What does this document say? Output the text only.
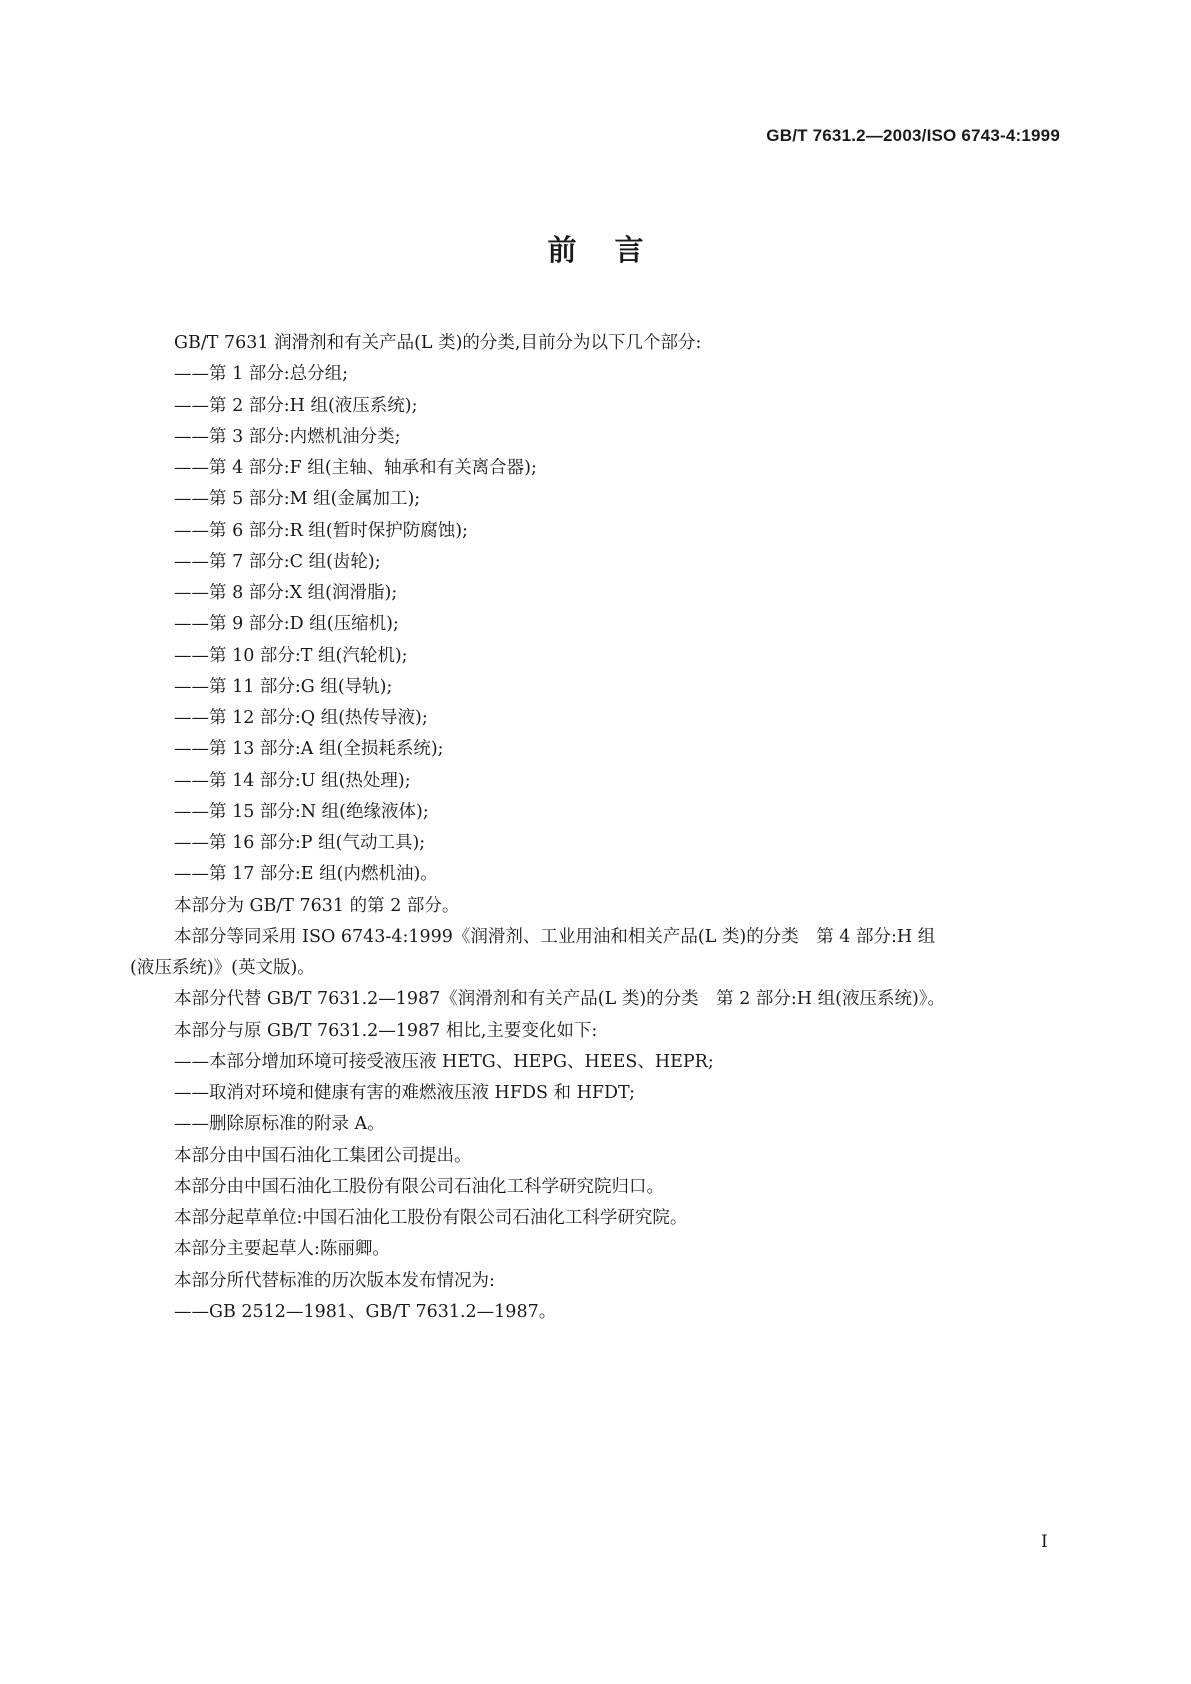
GB/T 7631.2—2003/ISO 6743-4:1999
前言

GB/T 7631 润滑剂和有关产品(L 类)的分类,目前分为以下几个部分:

——第 1 部分:总分组;

——第 2 部分:H 组(液压系统);

——第 3 部分:内燃机油分类;

——第 4 部分:F 组(主轴、轴承和有关离合器);

——第 5 部分:M 组(金属加工);

——第 6 部分:R 组(暂时保护防腐蚀);

——第 7 部分:C 组(齿轮);

——第 8 部分:X 组(润滑脂);

——第 9 部分:D 组(压缩机);

——第 10 部分:T 组(汽轮机);

——第 11 部分:G 组(导轨);

——第 12 部分:Q 组(热传导液);

——第 13 部分:A 组(全损耗系统);

——第 14 部分:U 组(热处理);

——第 15 部分:N 组(绝缘液体);

——第 16 部分:P 组(气动工具);

——第 17 部分:E 组(内燃机油)。

本部分为 GB/T 7631 的第 2 部分。

本部分等同采用 ISO 6743-4:1999《润滑剂、工业用油和相关产品(L 类)的分类　第 4 部分:H 组

(液压系统)》(英文版)。

本部分代替 GB/T 7631.2—1987《润滑剂和有关产品(L 类)的分类　第 2 部分:H 组(液压系统)》。

本部分与原 GB/T 7631.2—1987 相比,主要变化如下:

——本部分增加环境可接受液压液 HETG、HEPG、HEES、HEPR;

——取消对环境和健康有害的难燃液压液 HFDS 和 HFDT;

——删除原标准的附录 A。

本部分由中国石油化工集团公司提出。

本部分由中国石油化工股份有限公司石油化工科学研究院归口。

本部分起草单位:中国石油化工股份有限公司石油化工科学研究院。

本部分主要起草人:陈丽卿。

本部分所代替标准的历次版本发布情况为:

——GB 2512—1981、GB/T 7631.2—1987。

I
